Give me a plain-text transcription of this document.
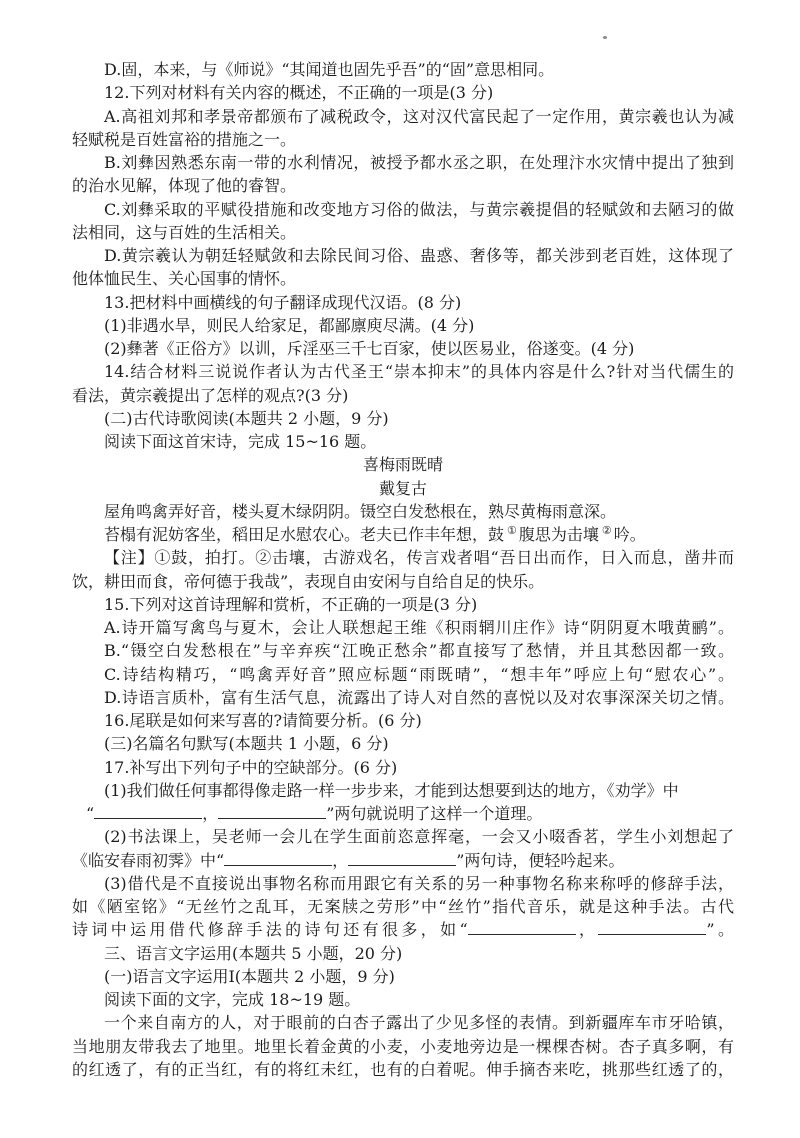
D.固，本来，与《师说》“其闻道也固先乎吾”的“固”意思相同。
12.下列对材料有关内容的概述，不正确的一项是(3 分)
A.高祖刘邦和孝景帝都颁布了减税政令，这对汉代富民起了一定作用，黄宗羲也认为减
轻赋税是百姓富裕的措施之一。
B.刘彝因熟悉东南一带的水利情况，被授予都水丞之职，在处理汴水灾情中提出了独到
的治水见解，体现了他的睿智。
C.刘彝采取的平赋役措施和改变地方习俗的做法，与黄宗羲提倡的轻赋敛和去陋习的做
法相同，这与百姓的生活相关。
D.黄宗羲认为朝廷轻赋敛和去除民间习俗、蛊惑、奢侈等，都关涉到老百姓，这体现了
他体恤民生、关心国事的情怀。
13.把材料中画横线的句子翻译成现代汉语。(8 分)
(1)非遇水旱，则民人给家足，都鄙廪庾尽满。(4 分)
(2)彝著《正俗方》以训，斥淫巫三千七百家，使以医易业，俗遂变。(4 分)
14.结合材料三说说作者认为古代圣王“崇本抑末”的具体内容是什么?针对当代儒生的
看法，黄宗羲提出了怎样的观点?(3 分)
(二)古代诗歌阅读(本题共 2 小题，9 分)
阅读下面这首宋诗，完成 15~16 题。
喜梅雨既晴
戴复古
屋角鸣禽弄好音，楼头夏木绿阴阴。镊空白发愁根在，熟尽黄梅雨意深。
苔榻有泥妨客坐，稻田足水慰农心。老夫已作丰年想，鼓 ① 腹思为击壤 ② 吟。
【注】①鼓，拍打。②击壤，古游戏名，传言戏者唱“吾日出而作，日入而息，凿井而
饮，耕田而食，帝何德于我哉”，表现自由安闲与自给自足的快乐。
15.下列对这首诗理解和赏析，不正确的一项是(3 分)
A.诗开篇写禽鸟与夏木，会让人联想起王维《积雨辋川庄作》诗“阴阴夏木哦黄鹂”。
B.“镊空白发愁根在”与辛弃疾“江晚正愁余”都直接写了愁情，并且其愁因都一致。
C.诗结构精巧，“鸣禽弄好音”照应标题“雨既晴”，“想丰年”呼应上句“慰农心”。
D.诗语言质朴，富有生活气息，流露出了诗人对自然的喜悦以及对农事深深关切之情。
16.尾联是如何来写喜的?请简要分析。(6 分)
(三)名篇名句默写(本题共 1 小题，6 分)
17.补写出下列句子中的空缺部分。(6 分)
(1)我们做任何事都得像走路一样一步步来，才能到达想要到达的地方，《劝学》中
“	，	”两句就说明了这样一个道理。
(2)书法课上，吴老师一会儿在学生面前恣意挥毫，一会又小啜香茗，学生小刘想起了
《临安春雨初霁》中“	，	”两句诗，便轻吟起来。
(3)借代是不直接说出事物名称而用跟它有关系的另一种事物名称来称呼的修辞手法，
如《陋室铭》“无丝竹之乱耳，无案牍之劳形”中“丝竹”指代音乐，就是这种手法。古代
诗词中运用借代修辞手法的诗句还有很多，如“	，	”。
三、语言文字运用(本题共 5 小题，20 分)
(一)语言文字运用Ⅰ(本题共 2 小题，9 分)
阅读下面的文字，完成 18~19 题。
一个来自南方的人，对于眼前的白杏子露出了少见多怪的表情。到新疆库车市牙哈镇，
当地朋友带我去了地里。地里长着金黄的小麦，小麦地旁边是一棵棵杏树。杏子真多啊，有
的红透了，有的正当红，有的将红未红，也有的白着呢。伸手摘杏来吃，挑那些红透了的，
